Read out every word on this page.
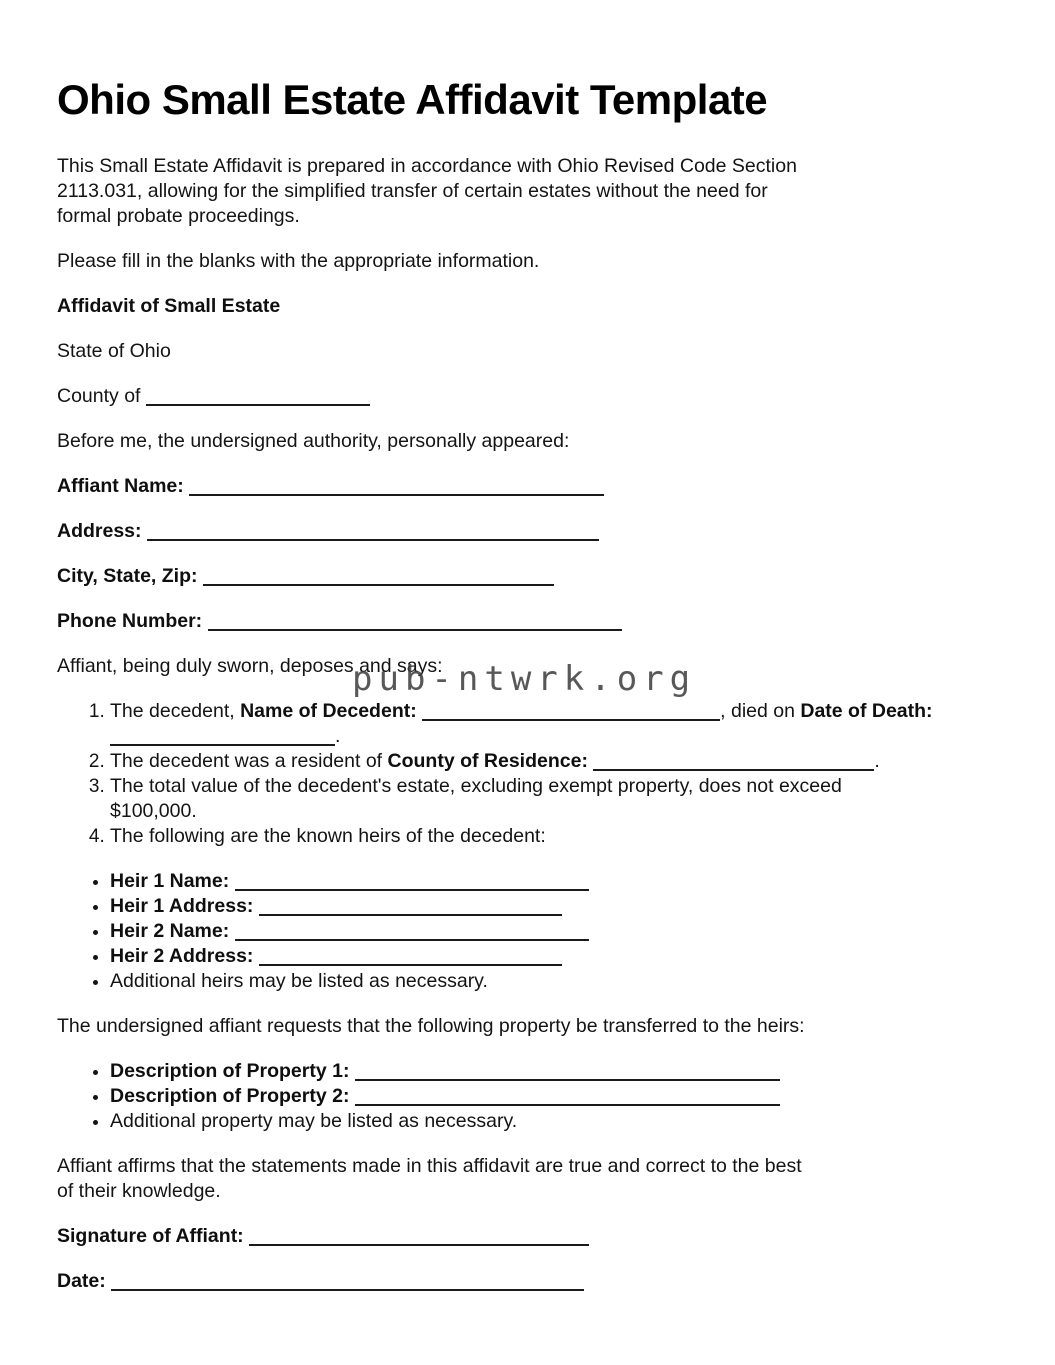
pub-ntwrk.org
Ohio Small Estate Affidavit Template

This Small Estate Affidavit is prepared in accordance with Ohio Revised Code Section
2113.031, allowing for the simplified transfer of certain estates without the need for
formal probate proceedings.

Please fill in the blanks with the appropriate information.

Affidavit of Small Estate

State of Ohio

County of

Before me, the undersigned authority, personally appeared:

Affiant Name:

Address:

City, State, Zip:

Phone Number:

Affiant, being duly sworn, deposes and says:

1. The decedent, Name of Decedent:	, died on Date of Death:
.
2. The decedent was a resident of County of Residence:	.
3. The total value of the decedent's estate, excluding exempt property, does not exceed
$100,000.
4. The following are the known heirs of the decedent:
• Heir 1 Name:
• Heir 1 Address:
• Heir 2 Name:
• Heir 2 Address:
• Additional heirs may be listed as necessary.

The undersigned affiant requests that the following property be transferred to the heirs:

• Description of Property 1:
• Description of Property 2:
• Additional property may be listed as necessary.

Affiant affirms that the statements made in this affidavit are true and correct to the best
of their knowledge.

Signature of Affiant:

Date:
